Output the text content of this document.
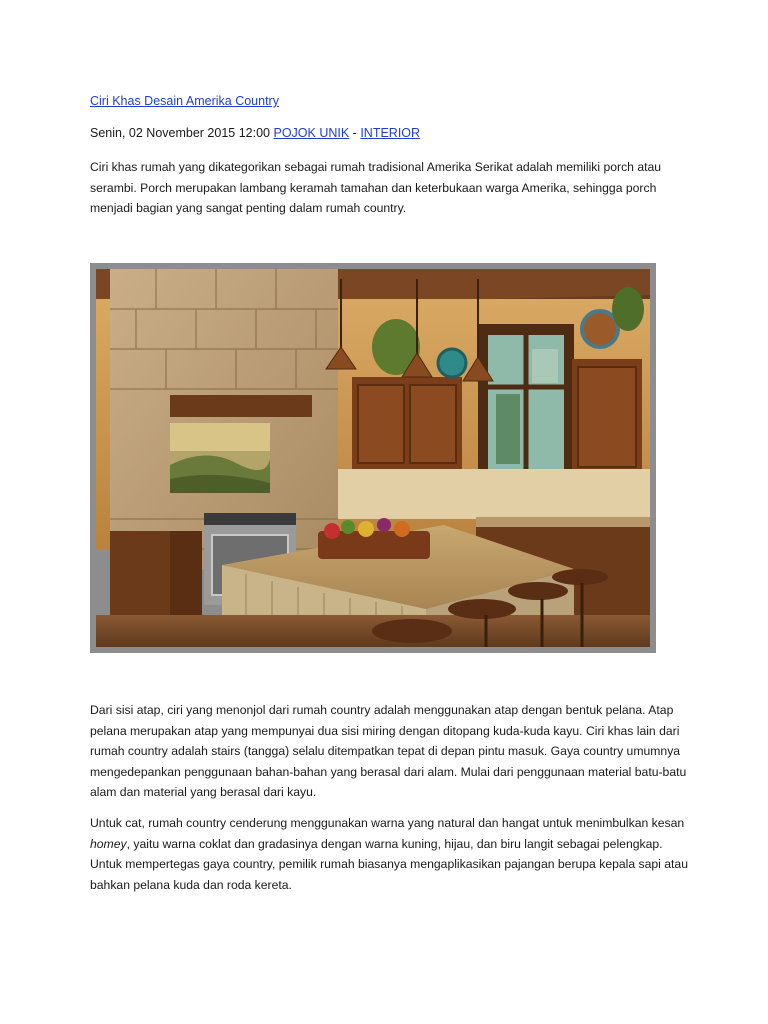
Ciri Khas Desain Amerika Country
Senin, 02 November 2015 12:00 POJOK UNIK - INTERIOR

Ciri khas rumah yang dikategorikan sebagai rumah tradisional Amerika Serikat adalah memiliki porch atau serambi. Porch merupakan lambang keramah tamahan dan keterbukaan warga Amerika, sehingga porch menjadi bagian yang sangat penting dalam rumah country.

Dari sisi atap, ciri yang menonjol dari rumah country adalah menggunakan atap dengan bentuk pelana. Atap pelana merupakan atap yang mempunyai dua sisi miring dengan ditopang kuda-kuda kayu. Ciri khas lain dari rumah country adalah stairs (tangga) selalu ditempatkan tepat di depan pintu masuk. Gaya country umumnya mengedepankan penggunaan bahan-bahan yang berasal dari alam. Mulai dari penggunaan material batu-batu alam dan material yang berasal dari kayu.

Untuk cat, rumah country cenderung menggunakan warna yang natural dan hangat untuk menimbulkan kesan homey, yaitu warna coklat dan gradasinya dengan warna kuning, hijau, dan biru langit sebagai pelengkap. Untuk mempertegas gaya country, pemilik rumah biasanya mengaplikasikan pajangan berupa kepala sapi atau bahkan pelana kuda dan roda kereta.
